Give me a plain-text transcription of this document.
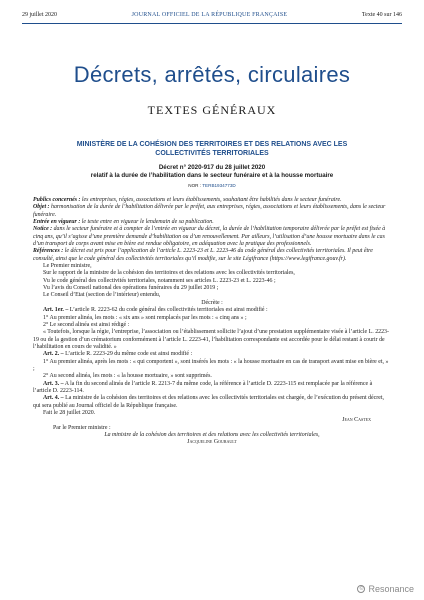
29 juillet 2020	JOURNAL OFFICIEL DE LA RÉPUBLIQUE FRANÇAISE	Texte 40 sur 146
Décrets, arrêtés, circulaires
TEXTES GÉNÉRAUX
MINISTÈRE DE LA COHÉSION DES TERRITOIRES ET DES RELATIONS AVEC LES COLLECTIVITÉS TERRITORIALES
Décret n° 2020-917 du 28 juillet 2020
relatif à la durée de l’habilitation dans le secteur funéraire et à la housse mortuaire
NOR : TERB1934773D

Publics concernés : les entreprises, régies, associations et leurs établissements, souhaitant être habilités dans le secteur funéraire.

Objet : harmonisation de la durée de l’habilitation délivrée par le préfet, aux entreprises, régies, associations et leurs établissements, dans le secteur funéraire.

Entrée en vigueur : le texte entre en vigueur le lendemain de sa publication.

Notice : dans le secteur funéraire et à compter de l’entrée en vigueur du décret, la durée de l’habilitation temporaire délivrée par le préfet est fixée à cinq ans, qu’il s’agisse d’une première demande d’habilitation ou d’un renouvellement. Par ailleurs, l’utilisation d’une housse mortuaire dans le cas d’un transport de corps avant mise en bière est rendue obligatoire, en adéquation avec la pratique des professionnels.

Références : le décret est pris pour l’application de l’article L. 2223-23 et L. 2223-46 du code général des collectivités territoriales. Il peut être consulté, ainsi que le code général des collectivités territoriales qu’il modifie, sur le site Légifrance (https://www.legifrance.gouv.fr).

Le Premier ministre,

Sur le rapport de la ministre de la cohésion des territoires et des relations avec les collectivités territoriales,

Vu le code général des collectivités territoriales, notamment ses articles L. 2223-23 et L. 2223-46 ;

Vu l’avis du Conseil national des opérations funéraires du 29 juillet 2019 ;

Le Conseil d’Etat (section de l’intérieur) entendu,

Décrète :

Art. 1er. – L’article R. 2223-62 du code général des collectivités territoriales est ainsi modifié :

1° Au premier alinéa, les mots : « six ans » sont remplacés par les mots : « cinq ans » ;

2° Le second alinéa est ainsi rédigé :

« Toutefois, lorsque la régie, l’entreprise, l’association ou l’établissement sollicite l’ajout d’une prestation supplémentaire visée à l’article L. 2223-19 ou de la gestion d’un crématorium conformément à l’article L. 2223-41, l’habilitation correspondante est accordée pour le délai restant à courir de l’habilitation en cours de validité. »

Art. 2. – L’article R. 2223-29 du même code est ainsi modifié :

1° Au premier alinéa, après les mots : « qui comportent », sont insérés les mots : « la housse mortuaire en cas de transport avant mise en bière et, » ;

2° Au second alinéa, les mots : « la housse mortuaire, » sont supprimés.

Art. 3. – A la fin du second alinéa de l’article R. 2213-7 du même code, la référence à l’article D. 2223-115 est remplacée par la référence à l’article D. 2223-114.

Art. 4. – La ministre de la cohésion des territoires et des relations avec les collectivités territoriales est chargée, de l’exécution du présent décret, qui sera publié au Journal officiel de la République française.

Fait le 28 juillet 2020.

Jean Castex

Par le Premier ministre :

La ministre de la cohésion des territoires et des relations avec les collectivités territoriales,

Jacqueline Gourault

© Resonance
